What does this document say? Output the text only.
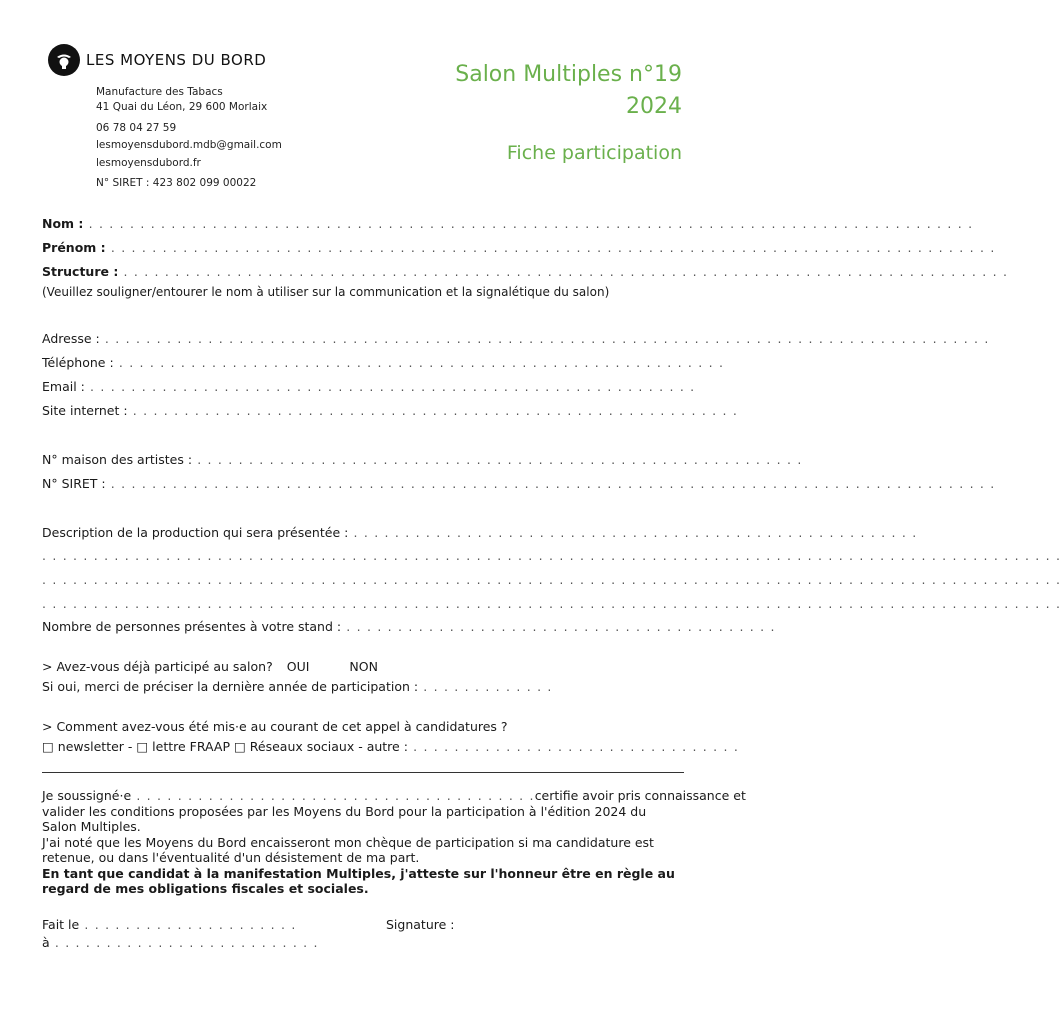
LES MOYENS DU BORD
Manufacture des Tabacs
41 Quai du Léon, 29 600 Morlaix
06 78 04 27 59
lesmoyensdubord.mdb@gmail.com
lesmoyensdubord.fr
N° SIRET : 423 802 099 00022
Salon Multiples n°19
2024
Fiche participation
Nom : . . . . . . . . . . . . . . . . . . . . . . . . . . . . . . . . . . . . . . . . . . . . . . . . . . . . . . . . . . . . . . . . . . . . . . . . . . . . . . . . . . . . . .
Prénom : . . . . . . . . . . . . . . . . . . . . . . . . . . . . . . . . . . . . . . . . . . . . . . . . . . . . . . . . . . . . . . . . . . . . . . . . . . . . . . . . . . . . . .
Structure : . . . . . . . . . . . . . . . . . . . . . . . . . . . . . . . . . . . . . . . . . . . . . . . . . . . . . . . . . . . . . . . . . . . . . . . . . . . . . . . . . . . . . .
(Veuillez souligner/entourer le nom à utiliser sur la communication et la signalétique du salon)
Adresse : . . . . . . . . . . . . . . . . . . . . . . . . . . . . . . . . . . . . . . . . . . . . . . . . . . . . . . . . . . . . . . . . . . . . . . . . . . . . . . . . . . . . . .
Téléphone : . . . . . . . . . . . . . . . . . . . . . . . . . . . . . . . . . . . . . . . . . . . . . . . . . . . . . . . . . . .
Email : . . . . . . . . . . . . . . . . . . . . . . . . . . . . . . . . . . . . . . . . . . . . . . . . . . . . . . . . . . .
Site internet : . . . . . . . . . . . . . . . . . . . . . . . . . . . . . . . . . . . . . . . . . . . . . . . . . . . . . . . . . . .
N° maison des artistes : . . . . . . . . . . . . . . . . . . . . . . . . . . . . . . . . . . . . . . . . . . . . . . . . . . . . . . . . . . .
N° SIRET : . . . . . . . . . . . . . . . . . . . . . . . . . . . . . . . . . . . . . . . . . . . . . . . . . . . . . . . . . . . . . . . . . . . . . . . . . . . . . . . . . . . . . .
Description de la production qui sera présentée : . . . . . . . . . . . . . . . . . . . . . . . . . . . . . . . . . . . . . . . . . . . . . . . . . . . . . . .
. . . . . . . . . . . . . . . . . . . . . . . . . . . . . . . . . . . . . . . . . . . . . . . . . . . . . . . . . . . . . . . . . . . . . . . . . . . . . . . . . . . . . . . . . . . . . . . . . . .
. . . . . . . . . . . . . . . . . . . . . . . . . . . . . . . . . . . . . . . . . . . . . . . . . . . . . . . . . . . . . . . . . . . . . . . . . . . . . . . . . . . . . . . . . . . . . . . . . . .
. . . . . . . . . . . . . . . . . . . . . . . . . . . . . . . . . . . . . . . . . . . . . . . . . . . . . . . . . . . . . . . . . . . . . . . . . . . . . . . . . . . . . . . . . . . . . . . . . . .
Nombre de personnes présentes à votre stand : . . . . . . . . . . . . . . . . . . . . . . . . . . . . . . . . . . . . . . . . . .
> Avez-vous déjà participé au salon? OUI	NON
Si oui, merci de préciser la dernière année de participation : . . . . . . . . . . . . .
> Comment avez-vous été mis·e au courant de cet appel à candidatures ?
□ newsletter - □ lettre FRAAP □ Réseaux sociaux - autre : . . . . . . . . . . . . . . . . . . . . . . . . . . . . . . . .
Je soussigné·e . . . . . . . . . . . . . . . . . . . . . . . . . . . . . . . . . . . . . . . certifie avoir pris connaissance et
valider les conditions proposées par les Moyens du Bord pour la participation à l'édition 2024 du Salon Multiples.
J'ai noté que les Moyens du Bord encaisseront mon chèque de participation si ma candidature est retenue, ou dans l'éventualité d'un désistement de ma part.
En tant que candidat à la manifestation Multiples, j'atteste sur l'honneur être en règle au regard de mes obligations fiscales et sociales.
Fait le . . . . . . . . . . . . . . . . . . . . .	Signature :
à . . . . . . . . . . . . . . . . . . . . . . . . . .
